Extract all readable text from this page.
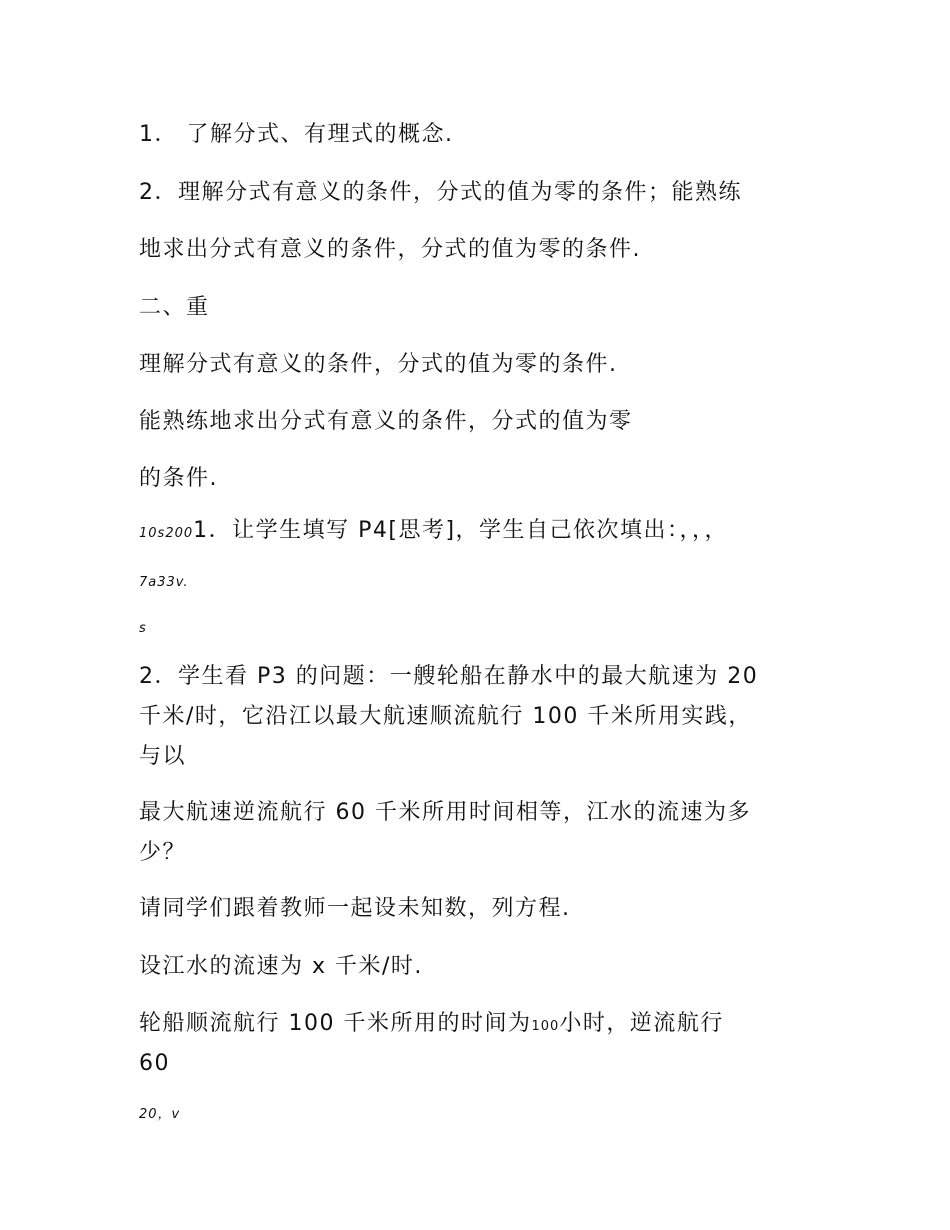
1． 了解分式、有理式的概念.
2．理解分式有意义的条件，分式的值为零的条件；能熟练
地求出分式有意义的条件，分式的值为零的条件.
二、重
理解分式有意义的条件，分式的值为零的条件.
能熟练地求出分式有意义的条件，分式的值为零
的条件.
10s2001．让学生填写 P4[思考]，学生自己依次填出：，，，
7a33v.
s
2．学生看 P3 的问题：一艘轮船在静水中的最大航速为 20
千米/时，它沿江以最大航速顺流航行 100 千米所用实践，
与以
最大航速逆流航行 60 千米所用时间相等，江水的流速为多
少？
请同学们跟着教师一起设未知数，列方程.
设江水的流速为 x 千米/时.
轮船顺流航行 100 千米所用的时间为100小时，逆流航行
60
20，v
